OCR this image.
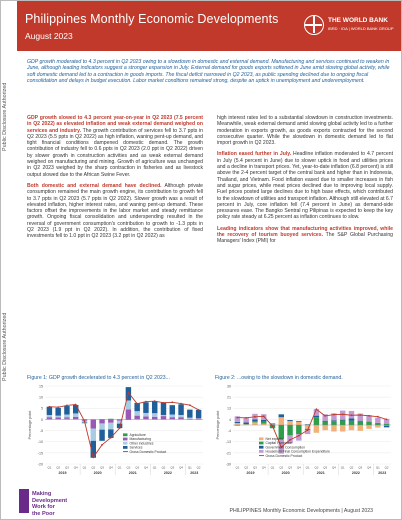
Public Disclosure Authorized
Public Disclosure Authorized
Philippines Monthly Economic Developments
August 2023
THE WORLD BANK
IBRD · IDA | WORLD BANK GROUP
GDP growth moderated to 4.3 percent in Q2 2023 owing to a slowdown in domestic and external demand. Manufacturing and services continued to weaken in June, although leading indicators suggest a stronger expansion in July. External demand for goods exports softened in June amid slowing global activity, while soft domestic demand led to a contraction in goods imports. The fiscal deficit narrowed in Q2 2023, as public spending declined due to ongoing fiscal consolidation and delays in budget execution. Labor market conditions remained strong, despite an uptick in unemployment and underemployment.

GDP growth slowed to 4.3 percent year-on-year in Q2 2023 (7.5 percent in Q2 2022) as elevated inflation and weak external demand weighed on services and industry. The growth contribution of services fell to 3.7 ppts in Q2 2023 (5.5 ppts in Q2 2022) as high inflation, waning pent-up demand, and tight financial conditions dampened domestic demand. The growth contribution of industry fell to 0.6 ppts in Q2 2023 (2.0 ppt in Q2 2022) driven by slower growth in construction activities and as weak external demand weighed on manufacturing and mining. Growth of agriculture was unchanged in Q2 2023 weighed by the sharp contraction in fisheries and as livestock output slowed due to the African Swine Fever.

Both domestic and external demand have declined. Although private consumption remained the main growth engine, its contribution to growth fell to 3.7 ppts in Q2 2023 (5.7 ppts in Q2 2022). Slower growth was a result of elevated inflation, higher interest rates, and waning pent-up demand. These factors offset the improvements in the labor market and steady remittance growth. Ongoing fiscal consolidation and underspending resulted in the reversal of government consumption's contribution to growth to -1.3 ppts in Q2 2023 (1.9 ppt in Q2 2022). In addition, the contribution of fixed investments fell to 1.0 ppt in Q2 2023 (3.2 ppt in Q2 2022) as

high interest rates led to a substantial slowdown in construction investments. Meanwhile, weak external demand amid slowing global activity led to a further moderation in exports growth, as goods exports contracted for the second consecutive quarter. While the slowdown in domestic demand led to flat import growth in Q2 2023.

Inflation eased further in July. Headline inflation moderated to 4.7 percent in July (5.4 percent in June) due to slower uptick in food and utilities prices and a decline in transport prices. Yet, year-to-date inflation (6.8 percent) is still above the 2-4 percent target of the central bank and higher than in Indonesia, Thailand, and Vietnam. Food inflation eased due to smaller increases in fish and sugar prices, while meat prices declined due to improving local supply. Fuel prices posted large declines due to high base effects, which contributed to the slowdown of utilities and transport inflation. Although still elevated at 6.7 percent in July, core inflation fell (7.4 percent in June) as demand-side pressures ease. The Bangko Sentral ng Pilipinas is expected to keep the key policy rate steady at 6.25 percent as inflation continues to slow.

Leading indicators show that manufacturing activities improved, while the recovery of tourism buoyed services. The S&P Global Purchasing Managers' Index (PMI) for

Figure 1: GDP growth decelerated to 4.3 percent in Q2 2023...
-20
-15
-10
-5
0
5
10
15
Percentage point
Q1 Q2 Q3 Q4 Q1 Q2 Q3 Q4 Q1 Q2 Q3 Q4 Q1 Q2 Q3 Q4 Q1 Q2
2019	2020	2021	2022	2023
Agriculture
Manufacturing
Other industries
Services
Gross Domestic Product
Figure 2: ...owing to the slowdown in domestic demand.
-30
-21
-13
-4
4
13
21
30
Percentage point
Q1 Q2 Q3 Q4 Q1 Q2 Q3 Q4 Q1 Q2 Q3 Q4 Q1 Q2 Q3 Q4 Q1 Q2
2019	2020	2021	2022	2023
Net exports
Capital Formation
Government Consumption
Household Final Consumption Expenditure
Gross Domestic Product
Making
Development
Work for
the Poor	PHILIPPINES Monthly Economic Developments | August 2023
